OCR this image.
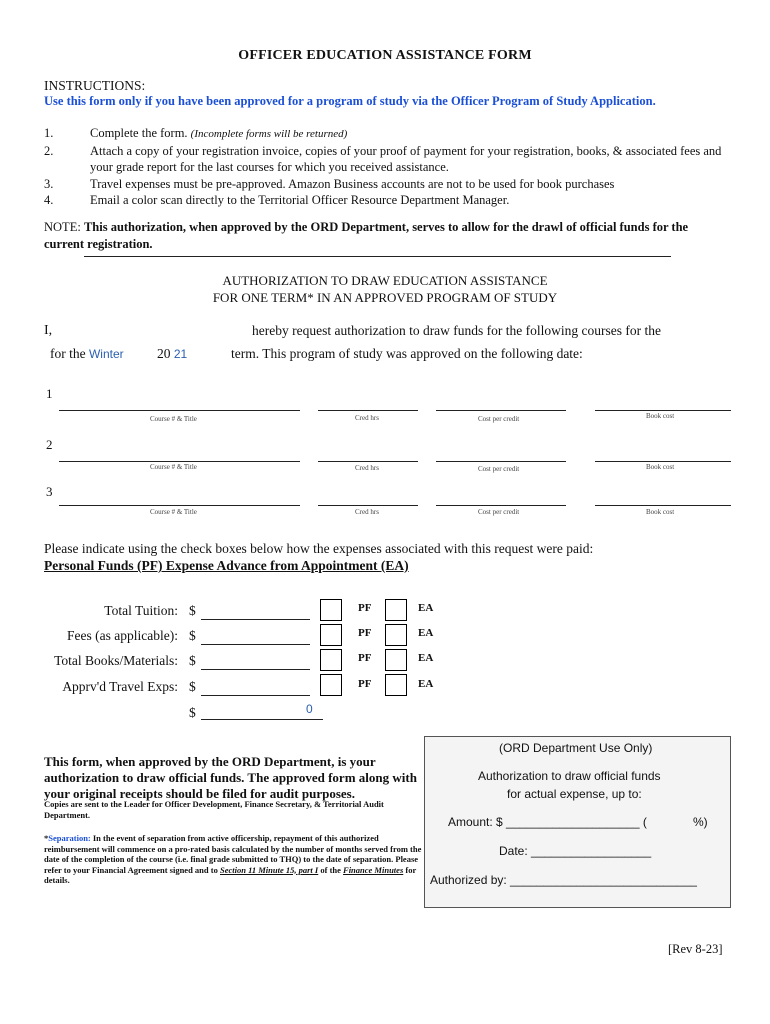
OFFICER EDUCATION ASSISTANCE FORM
INSTRUCTIONS:
Use this form only if you have been approved for a program of study via the Officer Program of Study Application.
1.	Complete the form. (Incomplete forms will be returned)
2.	Attach a copy of your registration invoice, copies of your proof of payment for your registration, books, & associated fees and your grade report for the last courses for which you received assistance.
3.	Travel expenses must be pre-approved. Amazon Business accounts are not to be used for book purchases
4.	Email a color scan directly to the Territorial Officer Resource Department Manager.
NOTE: This authorization, when approved by the ORD Department, serves to allow for the drawl of official funds for the current registration.
AUTHORIZATION TO DRAW EDUCATION ASSISTANCE
FOR ONE TERM* IN AN APPROVED PROGRAM OF STUDY
I,	hereby request authorization to draw funds for the following courses for the
for the Winter 20 21	term. This program of study was approved on the following date:
1
Course # & Title	Cred hrs	Cost per credit	Book cost
2
Course # & Title	Cred hrs	Cost per credit	Book cost
3
Course # & Title	Cred hrs	Cost per credit	Book cost
Please indicate using the check boxes below how the expenses associated with this request were paid:
Personal Funds (PF) Expense Advance from Appointment (EA)
Total Tuition: $	PF	EA
Fees (as applicable): $	PF	EA
Total Books/Materials: $	PF	EA
Apprv'd Travel Exps: $	PF	EA
$	0
This form, when approved by the ORD Department, is your authorization to draw official funds. The approved form along with your original receipts should be filed for audit purposes.
Copies are sent to the Leader for Officer Development, Finance Secretary, & Territorial Audit Department.
*Separation: In the event of separation from active officership, repayment of this authorized reimbursement will commence on a pro-rated basis calculated by the number of months served from the date of the completion of the course (i.e. final grade submitted to THQ) to the date of separation. Please refer to your Financial Agreement signed and to Section 11 Minute 15, part I of the Finance Minutes for details.
(ORD Department Use Only)
Authorization to draw official funds
for actual expense, up to:
Amount: $ ____________________ (	%)
Date: __________________
Authorized by: ____________________________
[Rev 8-23]
